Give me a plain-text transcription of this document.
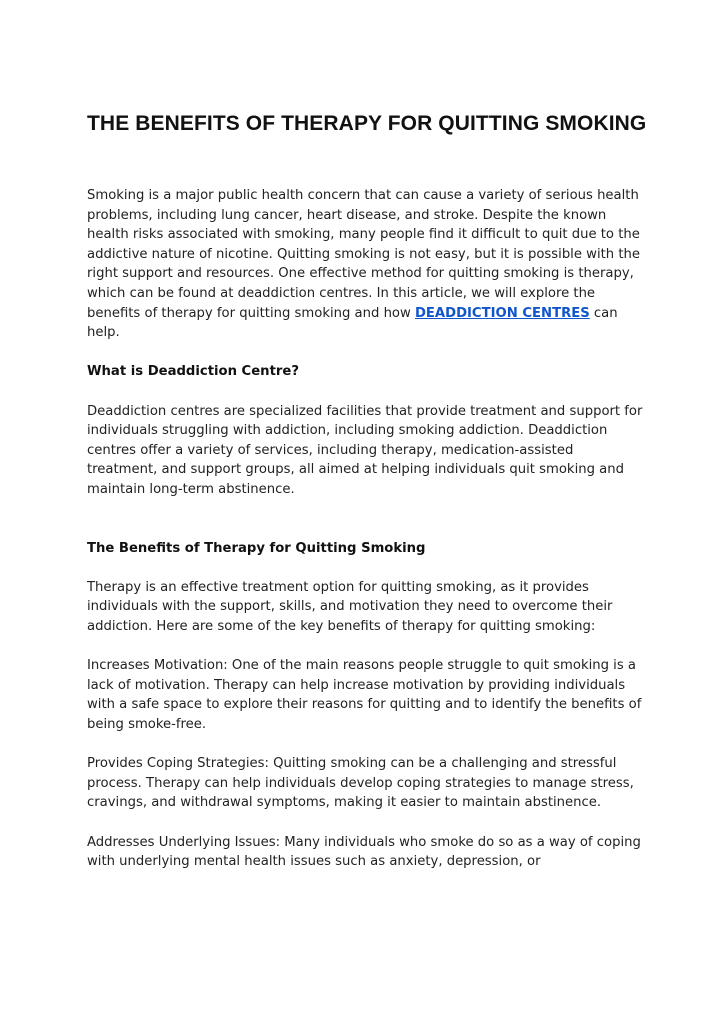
THE BENEFITS OF THERAPY FOR QUITTING SMOKING

Smoking is a major public health concern that can cause a variety of serious health problems, including lung cancer, heart disease, and stroke. Despite the known health risks associated with smoking, many people find it difficult to quit due to the addictive nature of nicotine. Quitting smoking is not easy, but it is possible with the right support and resources. One effective method for quitting smoking is therapy, which can be found at deaddiction centres. In this article, we will explore the benefits of therapy for quitting smoking and how DEADDICTION CENTRES can help.

What is Deaddiction Centre?

Deaddiction centres are specialized facilities that provide treatment and support for individuals struggling with addiction, including smoking addiction. Deaddiction centres offer a variety of services, including therapy, medication-assisted treatment, and support groups, all aimed at helping individuals quit smoking and maintain long-term abstinence.

The Benefits of Therapy for Quitting Smoking

Therapy is an effective treatment option for quitting smoking, as it provides individuals with the support, skills, and motivation they need to overcome their addiction. Here are some of the key benefits of therapy for quitting smoking:

Increases Motivation: One of the main reasons people struggle to quit smoking is a lack of motivation. Therapy can help increase motivation by providing individuals with a safe space to explore their reasons for quitting and to identify the benefits of being smoke-free.

Provides Coping Strategies: Quitting smoking can be a challenging and stressful process. Therapy can help individuals develop coping strategies to manage stress, cravings, and withdrawal symptoms, making it easier to maintain abstinence.

Addresses Underlying Issues: Many individuals who smoke do so as a way of coping with underlying mental health issues such as anxiety, depression, or
